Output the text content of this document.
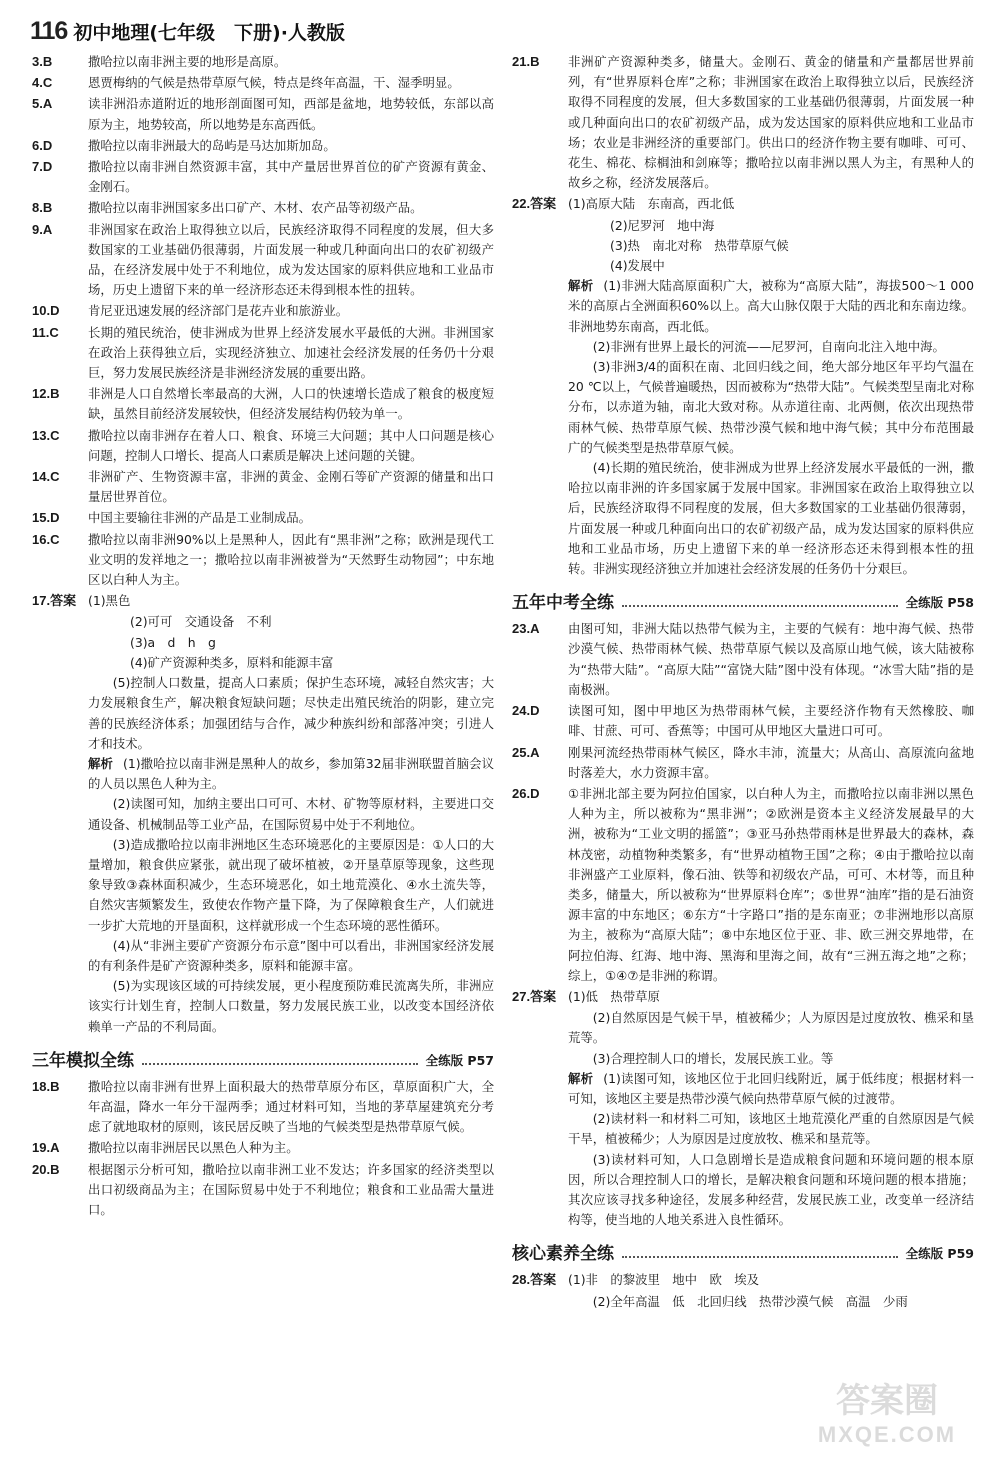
116 初中地理(七年级　下册)·人教版
3.B	撒哈拉以南非洲主要的地形是高原。
4.C	恩贾梅纳的气候是热带草原气候，特点是终年高温，干、湿季明显。
5.A	读非洲沿赤道附近的地形剖面图可知，西部是盆地，地势较低，东部以高原为主，地势较高，所以地势是东高西低。
6.D	撒哈拉以南非洲最大的岛屿是马达加斯加岛。
7.D	撒哈拉以南非洲自然资源丰富，其中产量居世界首位的矿产资源有黄金、金刚石。
8.B	撒哈拉以南非洲国家多出口矿产、木材、农产品等初级产品。
9.A	非洲国家在政治上取得独立以后，民族经济取得不同程度的发展，但大多数国家的工业基础仍很薄弱，片面发展一种或几种面向出口的农矿初级产品，在经济发展中处于不利地位，成为发达国家的原料供应地和工业品市场，历史上遗留下来的单一经济形态还未得到根本性的扭转。
10.D 肯尼亚迅速发展的经济部门是花卉业和旅游业。
11.C 长期的殖民统治，使非洲成为世界上经济发展水平最低的大洲。非洲国家在政治上获得独立后，实现经济独立、加速社会经济发展的任务仍十分艰巨，努力发展民族经济是非洲经济发展的重要出路。
12.B 非洲是人口自然增长率最高的大洲，人口的快速增长造成了粮食的极度短缺，虽然目前经济发展较快，但经济发展结构仍较为单一。
13.C 撒哈拉以南非洲存在着人口、粮食、环境三大问题；其中人口问题是核心问题，控制人口增长、提高人口素质是解决上述问题的关键。
14.C 非洲矿产、生物资源丰富，非洲的黄金、金刚石等矿产资源的储量和出口量居世界首位。
15.D 中国主要输往非洲的产品是工业制成品。
16.C 撒哈拉以南非洲90%以上是黑种人，因此有“黑非洲”之称；欧洲是现代工业文明的发祥地之一；撒哈拉以南非洲被誉为“天然野生动物园”；中东地区以白种人为主。
17.答案 (1)黑色
(2)可可　交通设备　不利
(3)a　d　h　g
(4)矿产资源种类多，原料和能源丰富
(5)控制人口数量，提高人口素质；保护生态环境，减轻自然灾害；大力发展粮食生产，解决粮食短缺问题；尽快走出殖民统治的阴影，建立完善的民族经济体系；加强团结与合作，减少种族纠纷和部落冲突；引进人才和技术。
解析 (1)撒哈拉以南非洲是黑种人的故乡，参加第32届非洲联盟首脑会议的人员以黑色人种为主。
(2)读图可知，加纳主要出口可可、木材、矿物等原材料，主要进口交通设备、机械制品等工业产品，在国际贸易中处于不利地位。
(3)造成撒哈拉以南非洲地区生态环境恶化的主要原因是：①人口的大量增加，粮食供应紧张，就出现了破坏植被，②开垦草原等现象，这些现象导致③森林面积减少，生态环境恶化，如土地荒漠化、④水土流失等，自然灾害频繁发生，致使农作物产量下降，为了保障粮食生产，人们就进一步扩大荒地的开垦面积，这样就形成一个生态环境的恶性循环。
(4)从“非洲主要矿产资源分布示意”图中可以看出，非洲国家经济发展的有利条件是矿产资源种类多，原料和能源丰富。
(5)为实现该区域的可持续发展，更小程度预防难民流离失所，非洲应该实行计划生育，控制人口数量，努力发展民族工业，以改变本国经济依赖单一产品的不利局面。
三年模拟全练	全练版 P57
18.B 撒哈拉以南非洲有世界上面积最大的热带草原分布区，草原面积广大，全年高温，降水一年分干湿两季；通过材料可知，当地的茅草屋建筑充分考虑了就地取材的原则，该民居反映了当地的气候类型是热带草原气候。
19.A 撒哈拉以南非洲居民以黑色人种为主。
20.B 根据图示分析可知，撒哈拉以南非洲工业不发达；许多国家的经济类型以出口初级商品为主；在国际贸易中处于不利地位；粮食和工业品需大量进口。
21.B 非洲矿产资源种类多，储量大。金刚石、黄金的储量和产量都居世界前列，有“世界原料仓库”之称；非洲国家在政治上取得独立以后，民族经济取得不同程度的发展，但大多数国家的工业基础仍很薄弱，片面发展一种或几种面向出口的农矿初级产品，成为发达国家的原料供应地和工业品市场；农业是非洲经济的重要部门。供出口的经济作物主要有咖啡、可可、花生、棉花、棕榈油和剑麻等；撒哈拉以南非洲以黑人为主，有黑种人的故乡之称，经济发展落后。
22.答案 (1)高原大陆　东南高，西北低
(2)尼罗河　地中海
(3)热　南北对称　热带草原气候
(4)发展中
解析 (1)非洲大陆高原面积广大，被称为“高原大陆”，海拔500～1 000米的高原占全洲面积60%以上。高大山脉仅限于大陆的西北和东南边缘。非洲地势东南高，西北低。
(2)非洲有世界上最长的河流——尼罗河，自南向北注入地中海。
(3)非洲3/4的面积在南、北回归线之间，绝大部分地区年平均气温在20 ℃以上，气候普遍暖热，因而被称为“热带大陆”。气候类型呈南北对称分布，以赤道为轴，南北大致对称。从赤道往南、北两侧，依次出现热带雨林气候、热带草原气候、热带沙漠气候和地中海气候；其中分布范围最广的气候类型是热带草原气候。
(4)长期的殖民统治，使非洲成为世界上经济发展水平最低的一洲，撒哈拉以南非洲的许多国家属于发展中国家。非洲国家在政治上取得独立以后，民族经济取得不同程度的发展，但大多数国家的工业基础仍很薄弱，片面发展一种或几种面向出口的农矿初级产品，成为发达国家的原料供应地和工业品市场，历史上遗留下来的单一经济形态还未得到根本性的扭转。非洲实现经济独立并加速社会经济发展的任务仍十分艰巨。
五年中考全练	全练版 P58
23.A 由图可知，非洲大陆以热带气候为主，主要的气候有：地中海气候、热带沙漠气候、热带雨林气候、热带草原气候以及高原山地气候，该大陆被称为“热带大陆”。“高原大陆”“富饶大陆”图中没有体现。“冰雪大陆”指的是南极洲。
24.D 读图可知，图中甲地区为热带雨林气候，主要经济作物有天然橡胶、咖啡、甘蔗、可可、香蕉等；中国可从甲地区大量进口可可。
25.A 刚果河流经热带雨林气候区，降水丰沛，流量大；从高山、高原流向盆地时落差大，水力资源丰富。
26.D ①非洲北部主要为阿拉伯国家，以白种人为主，而撒哈拉以南非洲以黑色人种为主，所以被称为“黑非洲”；②欧洲是资本主义经济发展最早的大洲，被称为“工业文明的摇篮”；③亚马孙热带雨林是世界最大的森林，森林茂密，动植物种类繁多，有“世界动植物王国”之称；④由于撒哈拉以南非洲盛产工业原料，像石油、铁等和初级农产品，可可、木材等，而且种类多，储量大，所以被称为“世界原料仓库”；⑤世界“油库”指的是石油资源丰富的中东地区；⑥东方“十字路口”指的是东南亚；⑦非洲地形以高原为主，被称为“高原大陆”；⑧中东地区位于亚、非、欧三洲交界地带，在阿拉伯海、红海、地中海、黑海和里海之间，故有“三洲五海之地”之称；综上，①④⑦是非洲的称谓。
27.答案 (1)低　热带草原
(2)自然原因是气候干旱，植被稀少；人为原因是过度放牧、樵采和垦荒等。
(3)合理控制人口的增长，发展民族工业。等
解析 (1)读图可知，该地区位于北回归线附近，属于低纬度；根据材料一可知，该地区主要是热带沙漠气候向热带草原气候的过渡带。
(2)读材料一和材料二可知，该地区土地荒漠化严重的自然原因是气候干旱，植被稀少；人为原因是过度放牧、樵采和垦荒等。
(3)读材料可知，人口急剧增长是造成粮食问题和环境问题的根本原因，所以合理控制人口的增长，是解决粮食问题和环境问题的根本措施；其次应该寻找多种途径，发展多种经营，发展民族工业，改变单一经济结构等，使当地的人地关系进入良性循环。
核心素养全练	全练版 P59
28.答案 (1)非　的黎波里　地中　欧　埃及
(2)全年高温　低　北回归线　热带沙漠气候　高温　少雨
答案圈
MXQE.COM
